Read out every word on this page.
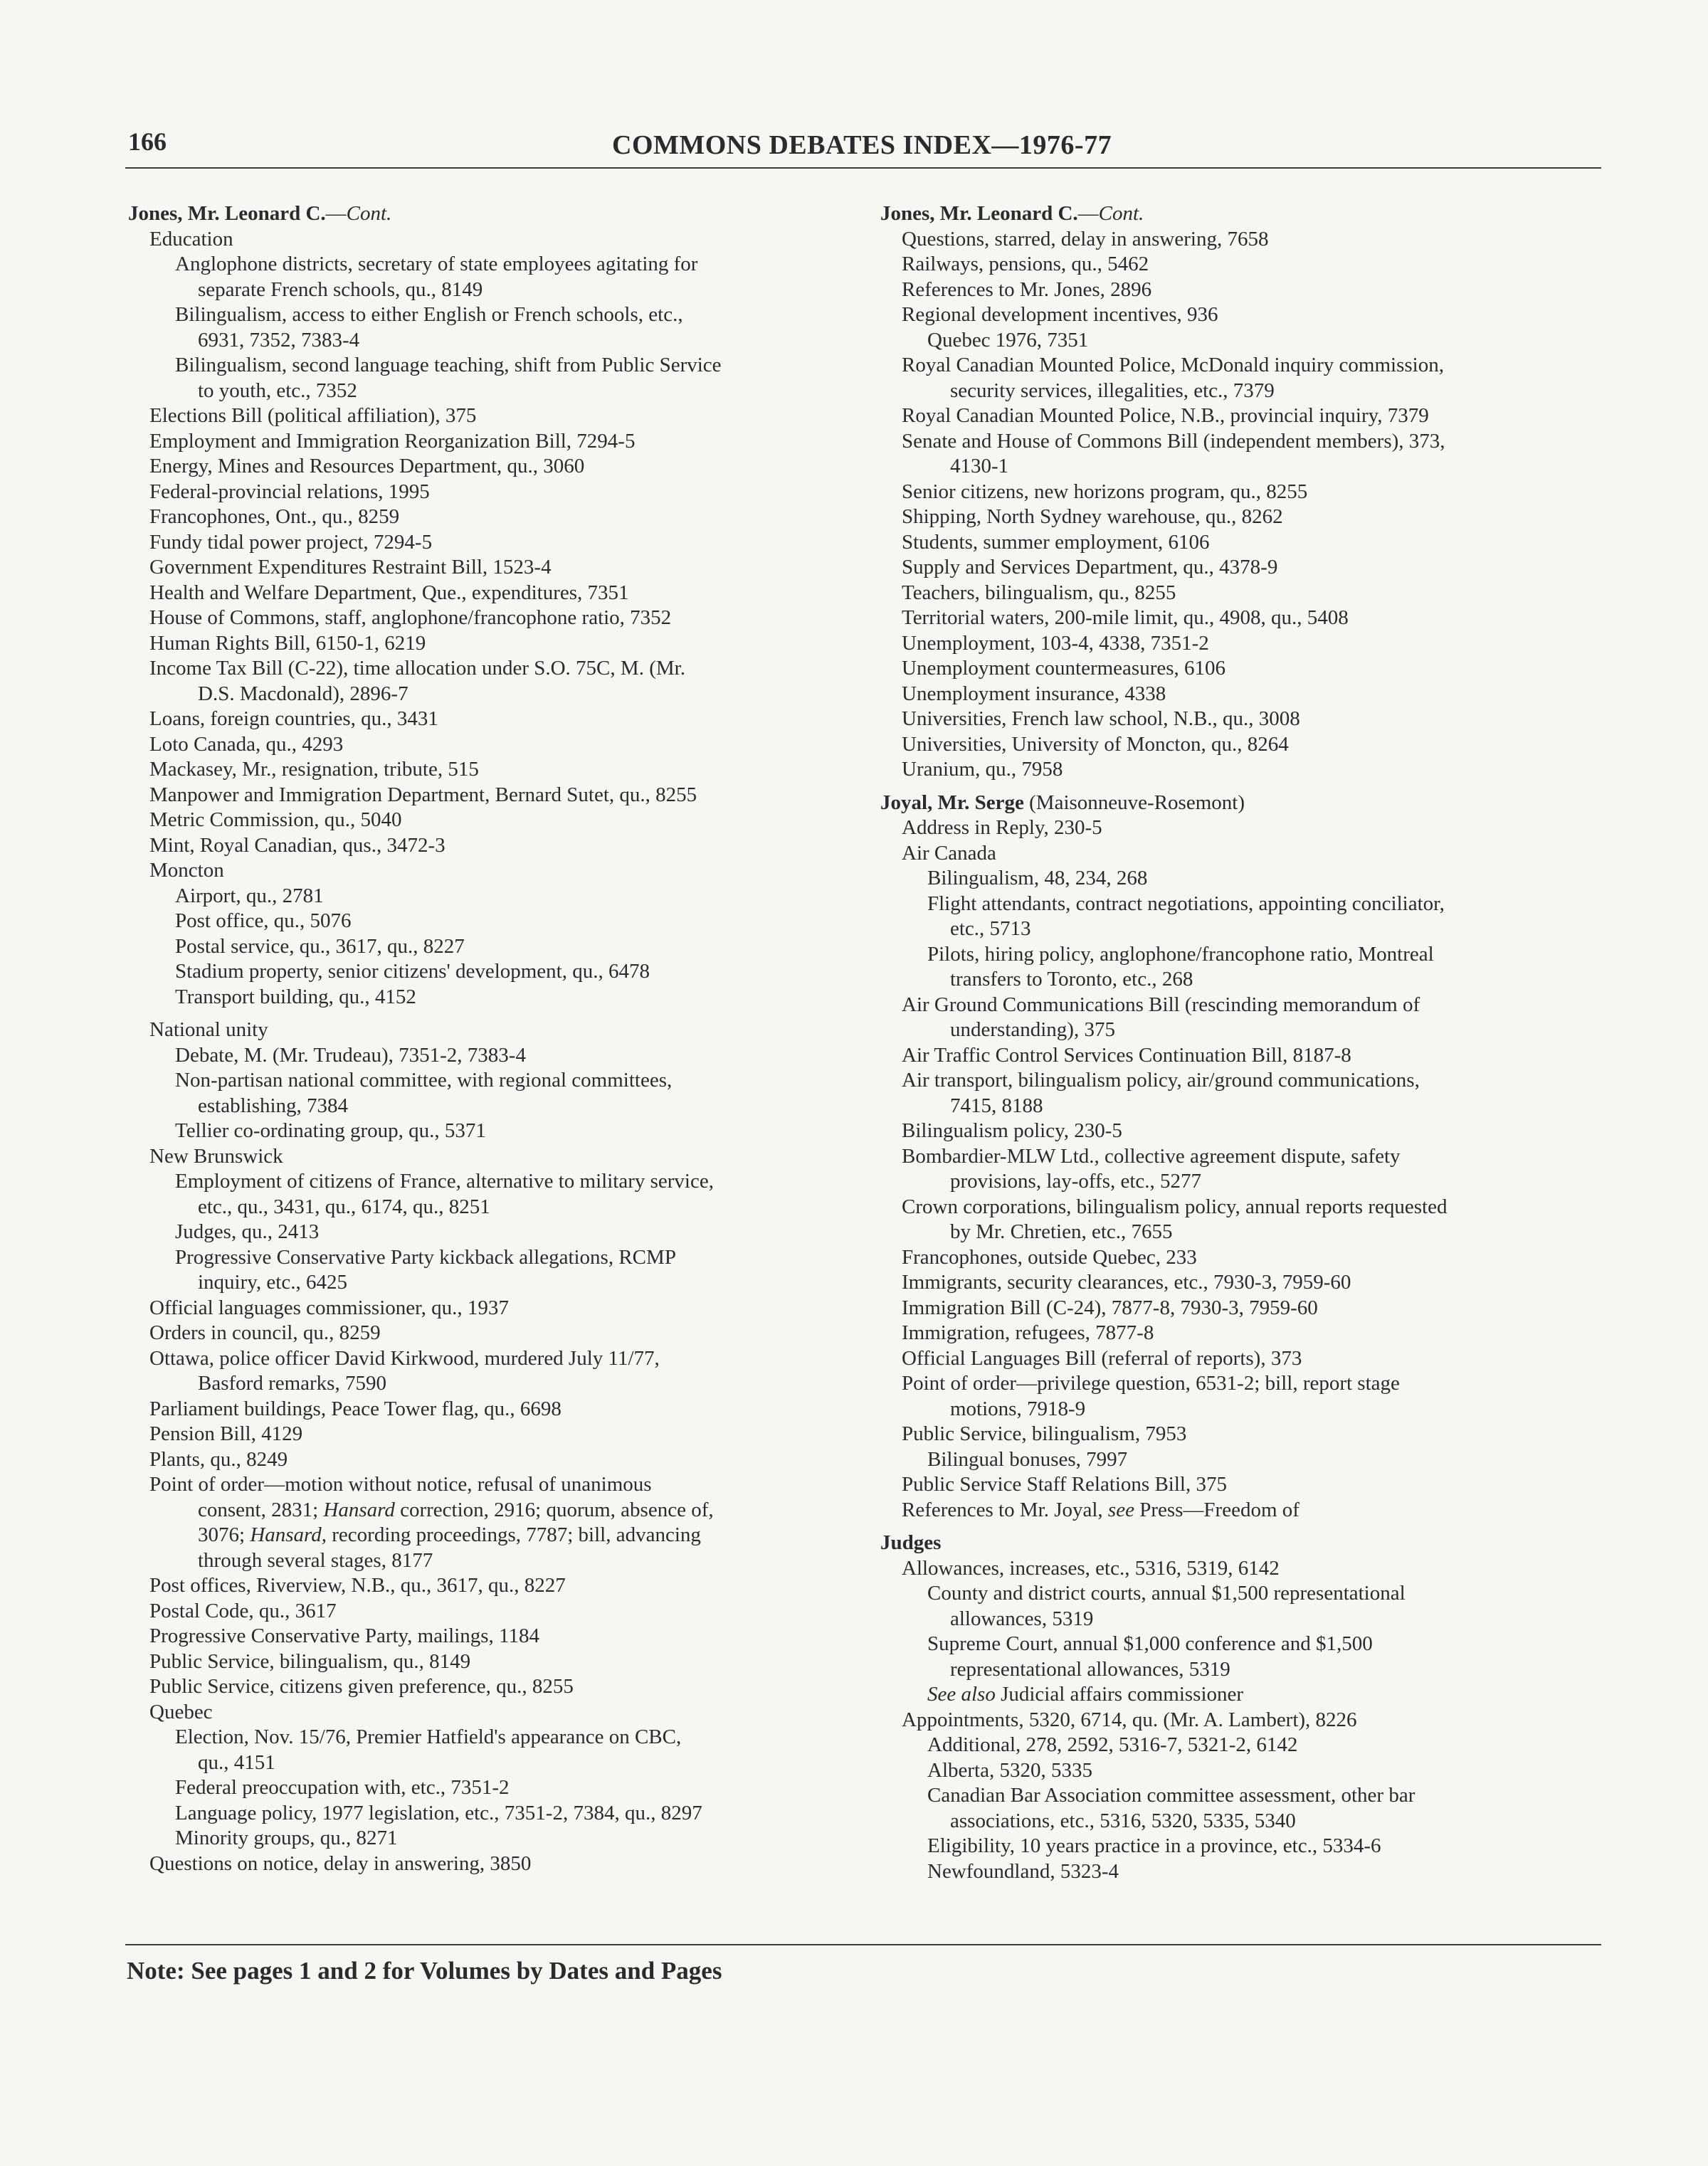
166	COMMONS DEBATES INDEX—1976-77
Jones, Mr. Leonard C.—Cont.
Education
Anglophone districts, secretary of state employees agitating for
separate French schools, qu., 8149
Bilingualism, access to either English or French schools, etc.,
6931, 7352, 7383-4
Bilingualism, second language teaching, shift from Public Service
to youth, etc., 7352
Elections Bill (political affiliation), 375
Employment and Immigration Reorganization Bill, 7294-5
Energy, Mines and Resources Department, qu., 3060
Federal-provincial relations, 1995
Francophones, Ont., qu., 8259
Fundy tidal power project, 7294-5
Government Expenditures Restraint Bill, 1523-4
Health and Welfare Department, Que., expenditures, 7351
House of Commons, staff, anglophone/francophone ratio, 7352
Human Rights Bill, 6150-1, 6219
Income Tax Bill (C-22), time allocation under S.O. 75C, M. (Mr.
D.S. Macdonald), 2896-7
Loans, foreign countries, qu., 3431
Loto Canada, qu., 4293
Mackasey, Mr., resignation, tribute, 515
Manpower and Immigration Department, Bernard Sutet, qu., 8255
Metric Commission, qu., 5040
Mint, Royal Canadian, qus., 3472-3
Moncton
Airport, qu., 2781
Post office, qu., 5076
Postal service, qu., 3617, qu., 8227
Stadium property, senior citizens' development, qu., 6478
Transport building, qu., 4152
National unity
Debate, M. (Mr. Trudeau), 7351-2, 7383-4
Non-partisan national committee, with regional committees,
establishing, 7384
Tellier co-ordinating group, qu., 5371
New Brunswick
Employment of citizens of France, alternative to military service,
etc., qu., 3431, qu., 6174, qu., 8251
Judges, qu., 2413
Progressive Conservative Party kickback allegations, RCMP
inquiry, etc., 6425
Official languages commissioner, qu., 1937
Orders in council, qu., 8259
Ottawa, police officer David Kirkwood, murdered July 11/77,
Basford remarks, 7590
Parliament buildings, Peace Tower flag, qu., 6698
Pension Bill, 4129
Plants, qu., 8249
Point of order—motion without notice, refusal of unanimous
consent, 2831; Hansard correction, 2916; quorum, absence of,
3076; Hansard, recording proceedings, 7787; bill, advancing
through several stages, 8177
Post offices, Riverview, N.B., qu., 3617, qu., 8227
Postal Code, qu., 3617
Progressive Conservative Party, mailings, 1184
Public Service, bilingualism, qu., 8149
Public Service, citizens given preference, qu., 8255
Quebec
Election, Nov. 15/76, Premier Hatfield's appearance on CBC,
qu., 4151
Federal preoccupation with, etc., 7351-2
Language policy, 1977 legislation, etc., 7351-2, 7384, qu., 8297
Minority groups, qu., 8271
Questions on notice, delay in answering, 3850
Jones, Mr. Leonard C.—Cont.
Questions, starred, delay in answering, 7658
Railways, pensions, qu., 5462
References to Mr. Jones, 2896
Regional development incentives, 936
Quebec 1976, 7351
Royal Canadian Mounted Police, McDonald inquiry commission,
security services, illegalities, etc., 7379
Royal Canadian Mounted Police, N.B., provincial inquiry, 7379
Senate and House of Commons Bill (independent members), 373,
4130-1
Senior citizens, new horizons program, qu., 8255
Shipping, North Sydney warehouse, qu., 8262
Students, summer employment, 6106
Supply and Services Department, qu., 4378-9
Teachers, bilingualism, qu., 8255
Territorial waters, 200-mile limit, qu., 4908, qu., 5408
Unemployment, 103-4, 4338, 7351-2
Unemployment countermeasures, 6106
Unemployment insurance, 4338
Universities, French law school, N.B., qu., 3008
Universities, University of Moncton, qu., 8264
Uranium, qu., 7958
Joyal, Mr. Serge (Maisonneuve-Rosemont)
Address in Reply, 230-5
Air Canada
Bilingualism, 48, 234, 268
Flight attendants, contract negotiations, appointing conciliator,
etc., 5713
Pilots, hiring policy, anglophone/francophone ratio, Montreal
transfers to Toronto, etc., 268
Air Ground Communications Bill (rescinding memorandum of
understanding), 375
Air Traffic Control Services Continuation Bill, 8187-8
Air transport, bilingualism policy, air/ground communications,
7415, 8188
Bilingualism policy, 230-5
Bombardier-MLW Ltd., collective agreement dispute, safety
provisions, lay-offs, etc., 5277
Crown corporations, bilingualism policy, annual reports requested
by Mr. Chretien, etc., 7655
Francophones, outside Quebec, 233
Immigrants, security clearances, etc., 7930-3, 7959-60
Immigration Bill (C-24), 7877-8, 7930-3, 7959-60
Immigration, refugees, 7877-8
Official Languages Bill (referral of reports), 373
Point of order—privilege question, 6531-2; bill, report stage
motions, 7918-9
Public Service, bilingualism, 7953
Bilingual bonuses, 7997
Public Service Staff Relations Bill, 375
References to Mr. Joyal, see Press—Freedom of
Judges
Allowances, increases, etc., 5316, 5319, 6142
County and district courts, annual $1,500 representational
allowances, 5319
Supreme Court, annual $1,000 conference and $1,500
representational allowances, 5319
See also Judicial affairs commissioner
Appointments, 5320, 6714, qu. (Mr. A. Lambert), 8226
Additional, 278, 2592, 5316-7, 5321-2, 6142
Alberta, 5320, 5335
Canadian Bar Association committee assessment, other bar
associations, etc., 5316, 5320, 5335, 5340
Eligibility, 10 years practice in a province, etc., 5334-6
Newfoundland, 5323-4
Note: See pages 1 and 2 for Volumes by Dates and Pages
